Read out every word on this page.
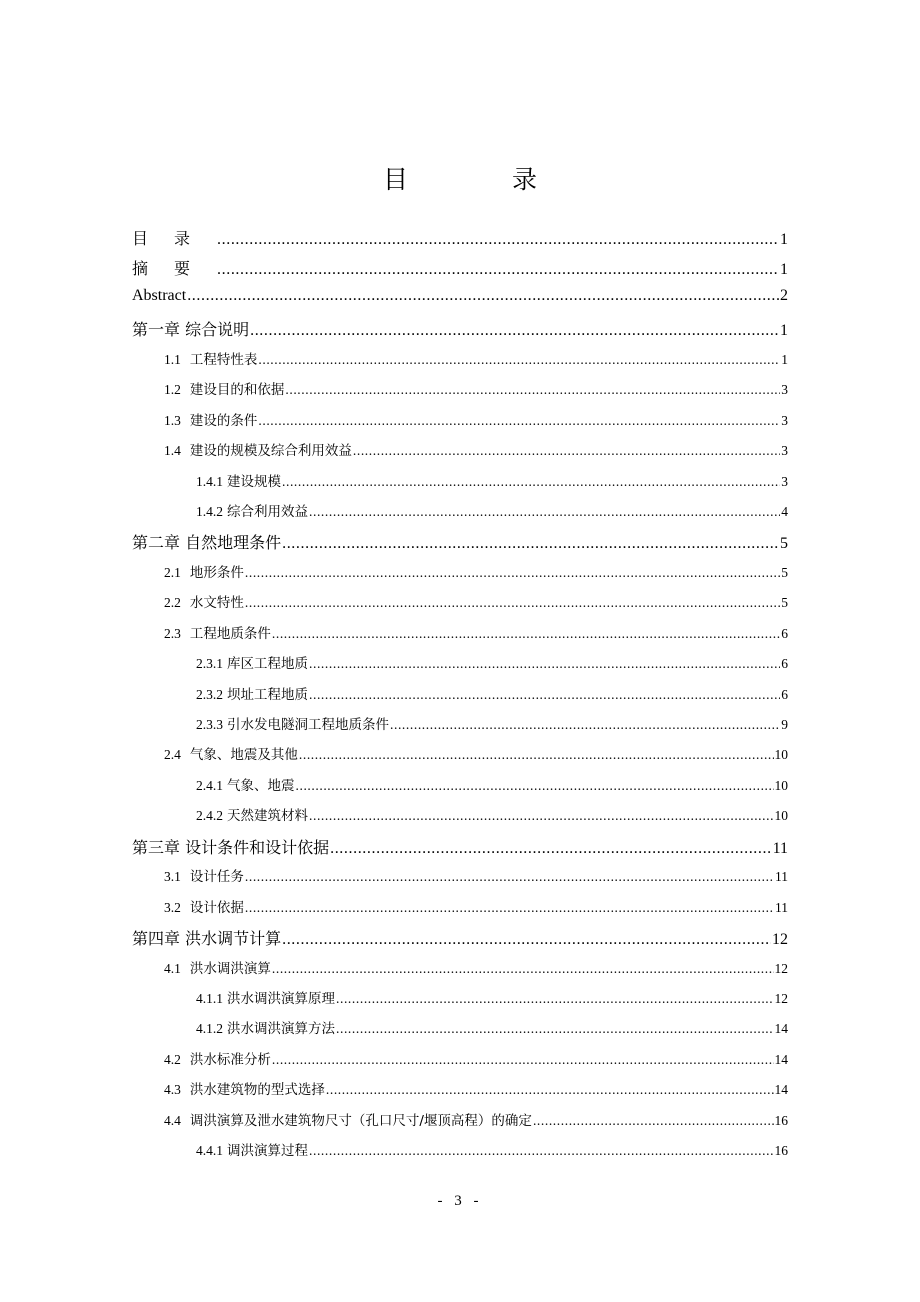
目 录
目录 .....	1
摘要 .....	1
Abstract .....	2
第一章 综合说明 .....	1
1.1 工程特性表 .....	1
1.2 建设目的和依据 .....	3
1.3 建设的条件 .....	3
1.4 建设的规模及综合利用效益 .....	3
1.4.1 建设规模 .....	3
1.4.2 综合利用效益 .....	4
第二章 自然地理条件 .....	5
2.1 地形条件 .....	5
2.2 水文特性 .....	5
2.3 工程地质条件 .....	6
2.3.1 库区工程地质 .....	6
2.3.2 坝址工程地质 .....	6
2.3.3 引水发电隧洞工程地质条件 .....	9
2.4 气象、地震及其他 .....	10
2.4.1 气象、地震 .....	10
2.4.2 天然建筑材料 .....	10
第三章 设计条件和设计依据 .....	11
3.1 设计任务 .....	11
3.2 设计依据 .....	11
第四章 洪水调节计算 .....	12
4.1 洪水调洪演算 .....	12
4.1.1 洪水调洪演算原理 .....	12
4.1.2 洪水调洪演算方法 .....	14
4.2 洪水标准分析 .....	14
4.3 洪水建筑物的型式选择 .....	14
4.4 调洪演算及泄水建筑物尺寸（孔口尺寸/堰顶高程）的确定 .....	16
4.4.1 调洪演算过程 .....	16
- 3 -
